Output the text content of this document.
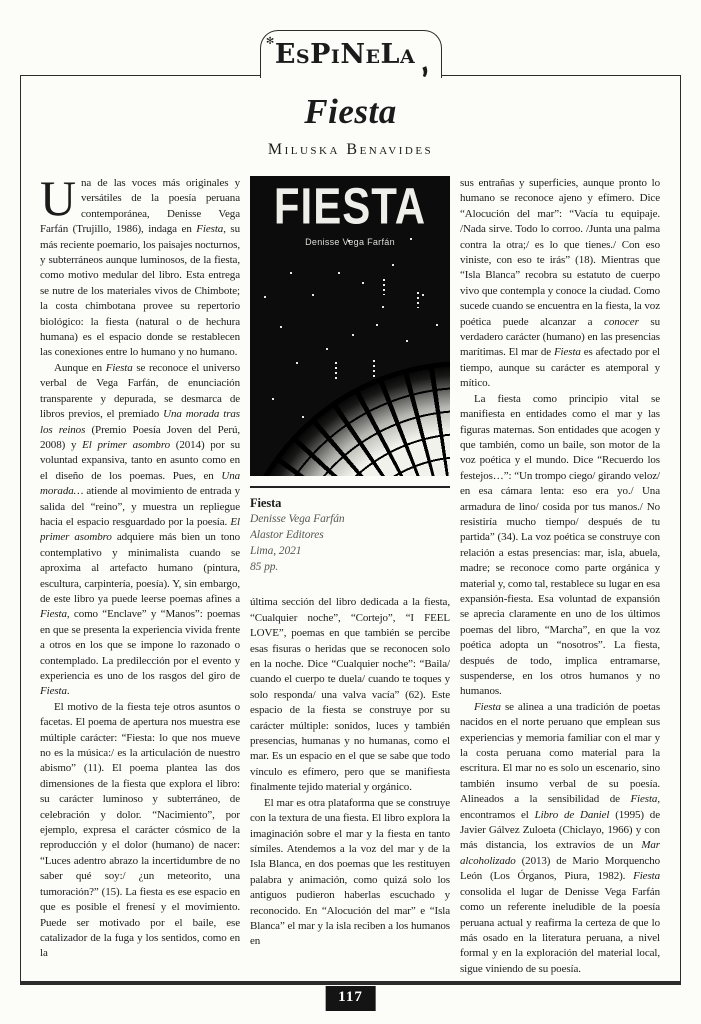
✻ EsPiNeLa,
Fiesta
Miluska Benavides

Una de las voces más originales y versátiles de la poesía peruana contemporánea, Denisse Vega Farfán (Trujillo, 1986), indaga en Fiesta, su más reciente poemario, los paisajes nocturnos, y subterráneos aunque luminosos, de la fiesta, como motivo medular del libro. Esta entrega se nutre de los materiales vivos de Chimbote; la costa chimbotana provee su repertorio biológico: la fiesta (natural o de hechura humana) es el espacio donde se restablecen las conexiones entre lo humano y no humano.

Aunque en Fiesta se reconoce el universo verbal de Vega Farfán, de enunciación transparente y depurada, se desmarca de libros previos, el premiado Una morada tras los reinos (Premio Poesía Joven del Perú, 2008) y El primer asombro (2014) por su voluntad expansiva, tanto en asunto como en el diseño de los poemas. Pues, en Una morada… atiende al movimiento de entrada y salida del “reino”, y muestra un repliegue hacia el espacio resguardado por la poesía. El primer asombro adquiere más bien un tono contemplativo y minimalista cuando se aproxima al artefacto humano (pintura, escultura, carpintería, poesía). Y, sin embargo, de este libro ya puede leerse poemas afines a Fiesta, como “Enclave” y “Manos”: poemas en que se presenta la experiencia vivida frente a otros en los que se impone lo razonado o contemplado. La predilección por el evento y experiencia es uno de los rasgos del giro de Fiesta.

El motivo de la fiesta teje otros asuntos o facetas. El poema de apertura nos muestra ese múltiple carácter: “Fiesta: lo que nos mueve no es la música:/ es la articulación de nuestro abismo” (11). El poema plantea las dos dimensiones de la fiesta que explora el libro: su carácter luminoso y subterráneo, de celebración y dolor. “Nacimiento”, por ejemplo, expresa el carácter cósmico de la reproducción y el dolor (humano) de nacer: “Luces adentro abrazo la incertidumbre de no saber qué soy:/ ¿un meteorito, una tumoración?” (15). La fiesta es ese espacio en que es posible el frenesí y el movimiento. Puede ser motivado por el baile, ese catalizador de la fuga y los sentidos, como en la

FIESTA
Denisse Vega Farfán
Fiesta
Denisse Vega Farfán
Alastor Editores
Lima, 2021
85 pp.

última sección del libro dedicada a la fiesta, “Cualquier noche”, “Cortejo”, “I FEEL LOVE”, poemas en que también se percibe esas fisuras o heridas que se reconocen solo en la noche. Dice “Cualquier noche”: “Baila/ cuando el cuerpo te duela/ cuando te toques y solo responda/ una valva vacía” (62). Este espacio de la fiesta se construye por su carácter múltiple: sonidos, luces y también presencias, humanas y no humanas, como el mar. Es un espacio en el que se sabe que todo vínculo es efímero, pero que se manifiesta finalmente tejido material y orgánico.

El mar es otra plataforma que se construye con la textura de una fiesta. El libro explora la imaginación sobre el mar y la fiesta en tanto símiles. Atendemos a la voz del mar y de la Isla Blanca, en dos poemas que les restituyen palabra y animación, como quizá solo los antiguos pudieron haberlas escuchado y reconocido. En “Alocución del mar” e “Isla Blanca” el mar y la isla reciben a los humanos en

sus entrañas y superficies, aunque pronto lo humano se reconoce ajeno y efímero. Dice “Alocución del mar”: “Vacía tu equipaje. /Nada sirve. Todo lo corroo. /Junta una palma contra la otra;/ es lo que tienes./ Con eso viniste, con eso te irás” (18). Mientras que “Isla Blanca” recobra su estatuto de cuerpo vivo que contempla y conoce la ciudad. Como sucede cuando se encuentra en la fiesta, la voz poética puede alcanzar a conocer su verdadero carácter (humano) en las presencias marítimas. El mar de Fiesta es afectado por el tiempo, aunque su carácter es atemporal y mítico.

La fiesta como principio vital se manifiesta en entidades como el mar y las figuras maternas. Son entidades que acogen y que también, como un baile, son motor de la voz poética y el mundo. Dice “Recuerdo los festejos…”: “Un trompo ciego/ girando veloz/ en esa cámara lenta: eso era yo./ Una armadura de lino/ cosida por tus manos./ No resistiría mucho tiempo/ después de tu partida” (34). La voz poética se construye con relación a estas presencias: mar, isla, abuela, madre; se reconoce como parte orgánica y material y, como tal, restablece su lugar en esa expansión-fiesta. Esa voluntad de expansión se aprecia claramente en uno de los últimos poemas del libro, “Marcha”, en que la voz poética adopta un “nosotros”. La fiesta, después de todo, implica entramarse, suspenderse, en los otros humanos y no humanos.

Fiesta se alinea a una tradición de poetas nacidos en el norte peruano que emplean sus experiencias y memoria familiar con el mar y la costa peruana como material para la escritura. El mar no es solo un escenario, sino también insumo verbal de su poesía. Alineados a la sensibilidad de Fiesta, encontramos el Libro de Daniel (1995) de Javier Gálvez Zuloeta (Chiclayo, 1966) y con más distancia, los extravíos de un Mar alcoholizado (2013) de Mario Morquencho León (Los Órganos, Piura, 1982). Fiesta consolida el lugar de Denisse Vega Farfán como un referente ineludible de la poesía peruana actual y reafirma la certeza de que lo más osado en la literatura peruana, a nivel formal y en la exploración del material local, sigue viniendo de su poesía.

117
